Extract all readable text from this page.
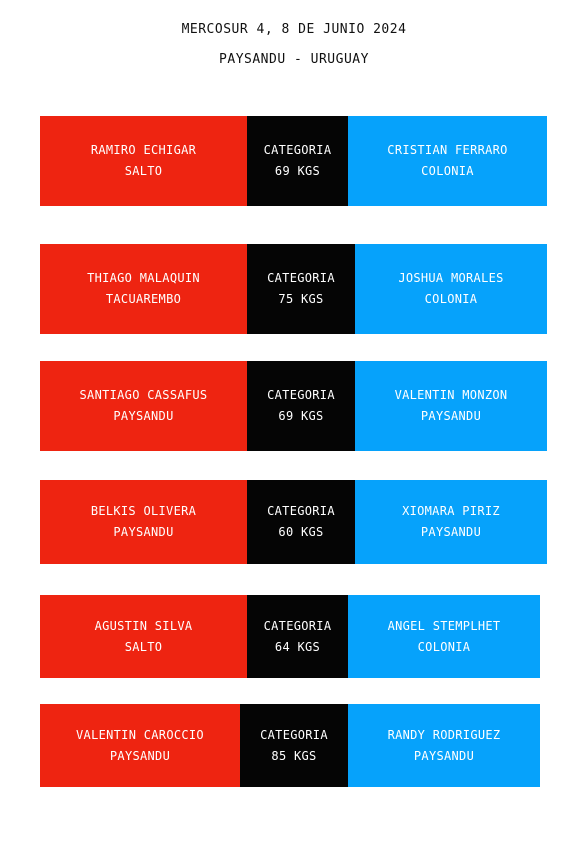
MERCOSUR 4, 8 DE JUNIO 2024
PAYSANDU - URUGUAY
RAMIRO ECHIGAR
SALTO
CATEGORIA
69 KGS
CRISTIAN FERRARO
COLONIA
THIAGO MALAQUIN
TACUAREMBO
CATEGORIA
75 KGS
JOSHUA MORALES
COLONIA
SANTIAGO CASSAFUS
PAYSANDU
CATEGORIA
69 KGS
VALENTIN MONZON
PAYSANDU
BELKIS OLIVERA
PAYSANDU
CATEGORIA
60 KGS
XIOMARA PIRIZ
PAYSANDU
AGUSTIN SILVA
SALTO
CATEGORIA
64 KGS
ANGEL STEMPLHET
COLONIA
VALENTIN CAROCCIO
PAYSANDU
CATEGORIA
85 KGS
RANDY RODRIGUEZ
PAYSANDU
